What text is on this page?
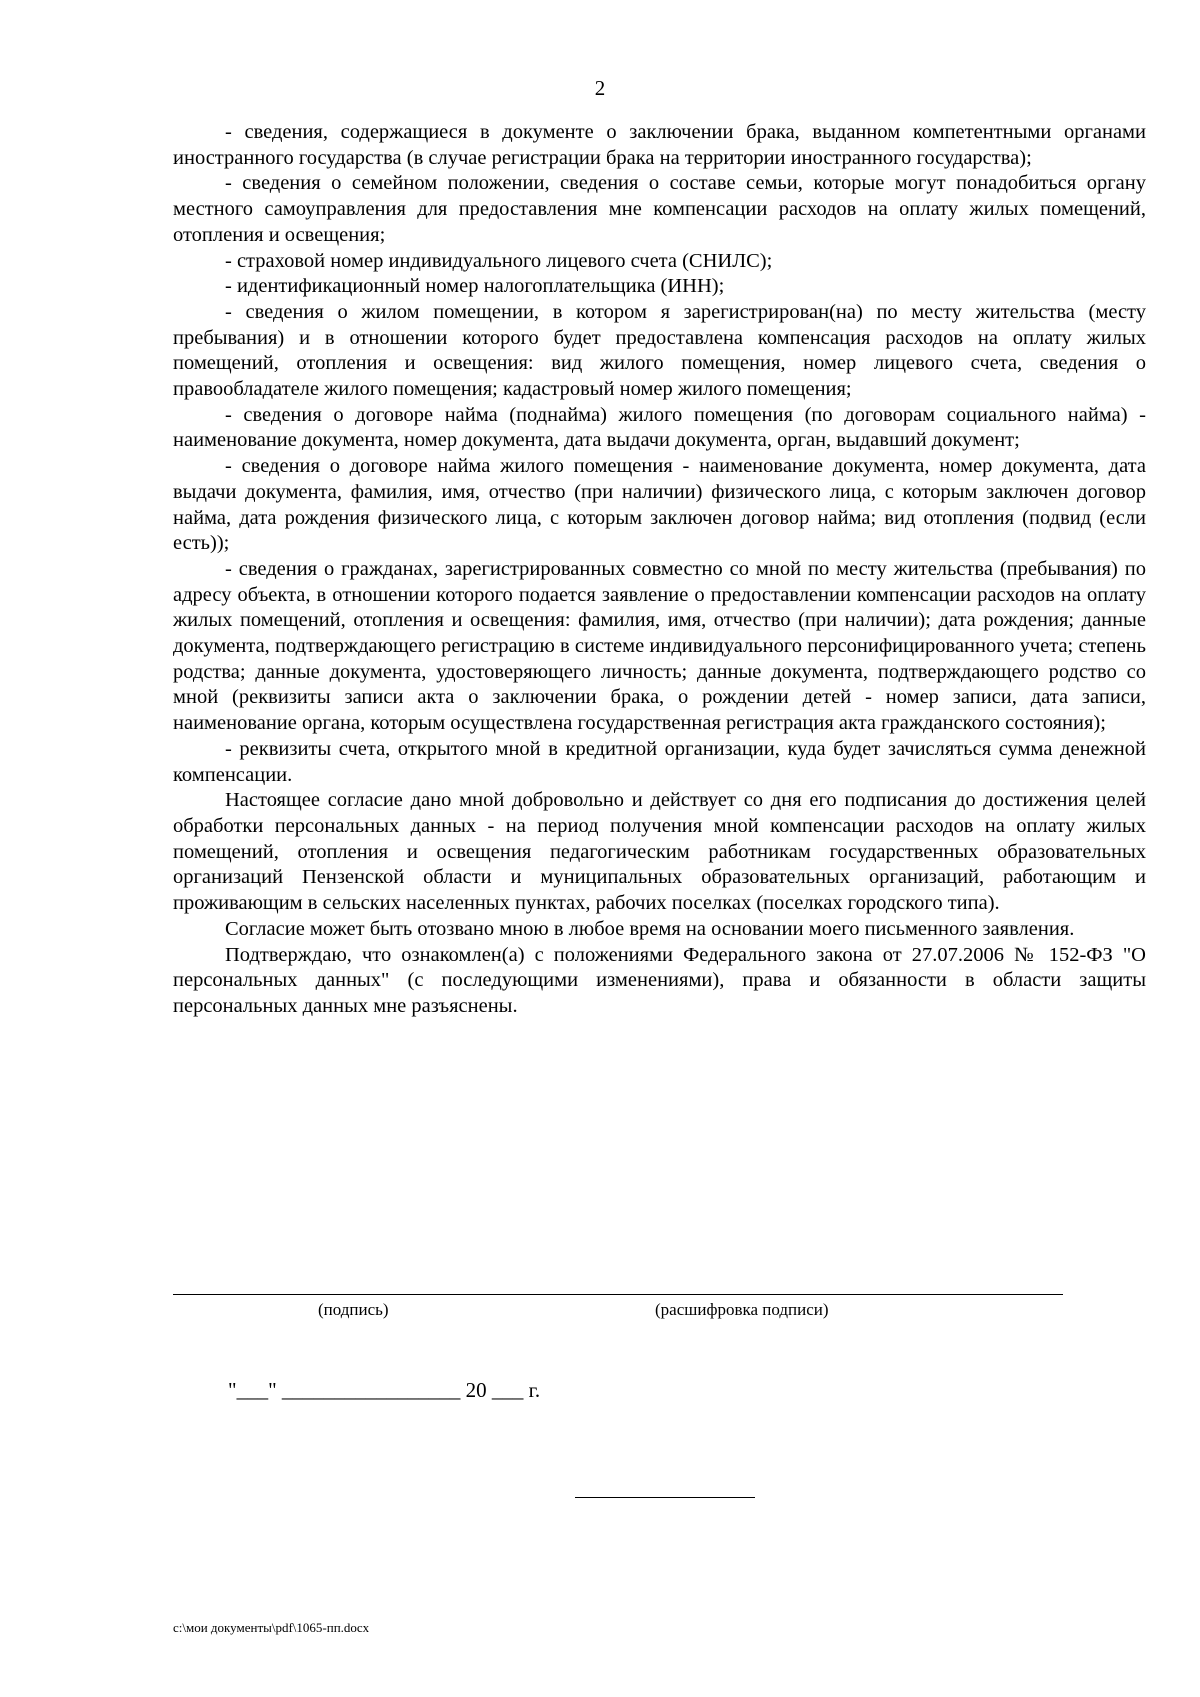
2

- сведения, содержащиеся в документе о заключении брака, выданном компетентными органами иностранного государства (в случае регистрации брака на территории иностранного государства);

- сведения о семейном положении, сведения о составе семьи, которые могут понадобиться органу местного самоуправления для предоставления мне компенсации расходов на оплату жилых помещений, отопления и освещения;

- страховой номер индивидуального лицевого счета (СНИЛС);

- идентификационный номер налогоплательщика (ИНН);

- сведения о жилом помещении, в котором я зарегистрирован(на) по месту жительства (месту пребывания) и в отношении которого будет предоставлена компенсация расходов на оплату жилых помещений, отопления и освещения: вид жилого помещения, номер лицевого счета, сведения о правообладателе жилого помещения; кадастровый номер жилого помещения;

- сведения о договоре найма (поднайма) жилого помещения (по договорам социального найма) - наименование документа, номер документа, дата выдачи документа, орган, выдавший документ;

- сведения о договоре найма жилого помещения - наименование документа, номер документа, дата выдачи документа, фамилия, имя, отчество (при наличии) физического лица, с которым заключен договор найма, дата рождения физического лица, с которым заключен договор найма; вид отопления (подвид (если есть));

- сведения о гражданах, зарегистрированных совместно со мной по месту жительства (пребывания) по адресу объекта, в отношении которого подается заявление о предоставлении компенсации расходов на оплату жилых помещений, отопления и освещения: фамилия, имя, отчество (при наличии); дата рождения; данные документа, подтверждающего регистрацию в системе индивидуального персонифицированного учета; степень родства; данные документа, удостоверяющего личность; данные документа, подтверждающего родство со мной (реквизиты записи акта о заключении брака, о рождении детей - номер записи, дата записи, наименование органа, которым осуществлена государственная регистрация акта гражданского состояния);

- реквизиты счета, открытого мной в кредитной организации, куда будет зачисляться сумма денежной компенсации.

Настоящее согласие дано мной добровольно и действует со дня его подписания до достижения целей обработки персональных данных - на период получения мной компенсации расходов на оплату жилых помещений, отопления и освещения педагогическим работникам государственных образовательных организаций Пензенской области и муниципальных образовательных организаций, работающим и проживающим в сельских населенных пунктах, рабочих поселках (поселках городского типа).

Согласие может быть отозвано мною в любое время на основании моего письменного заявления.

Подтверждаю, что ознакомлен(а) с положениями Федерального закона от 27.07.2006 № 152-ФЗ "О персональных данных" (с последующими изменениями), права и обязанности в области защиты персональных данных мне разъяснены.

(подпись)	(расшифровка подписи)
"___" _________________ 20 ___ г.
c:\мои документы\pdf\1065-пп.docx
